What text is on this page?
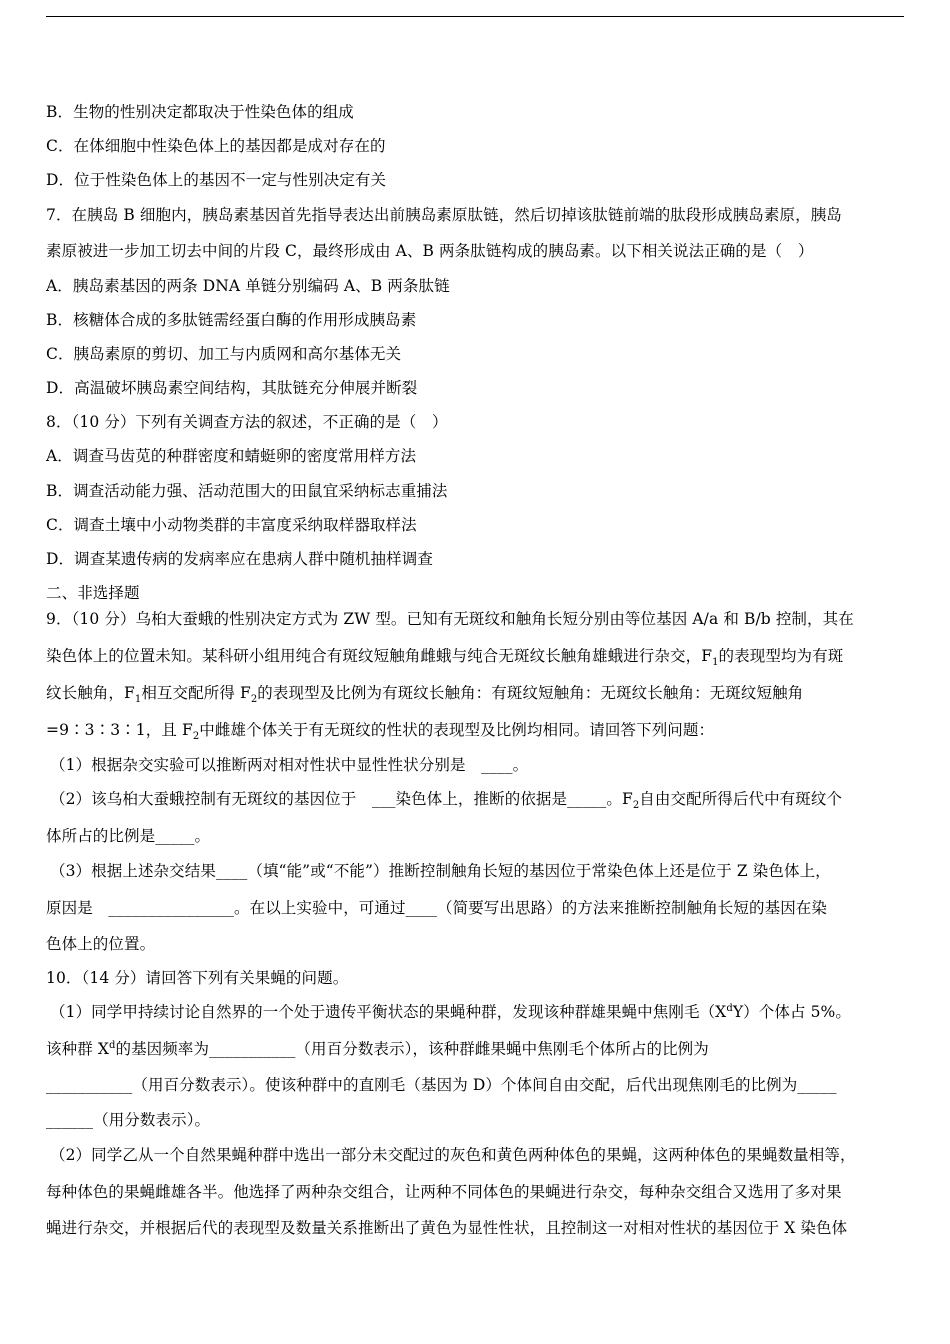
B．生物的性别决定都取决于性染色体的组成
C．在体细胞中性染色体上的基因都是成对存在的
D．位于性染色体上的基因不一定与性别决定有关
7．在胰岛 B 细胞内，胰岛素基因首先指导表达出前胰岛素原肽链，然后切掉该肽链前端的肽段形成胰岛素原，胰岛
素原被进一步加工切去中间的片段 C，最终形成由 A、B 两条肽链构成的胰岛素。以下相关说法正确的是（　）
A．胰岛素基因的两条 DNA 单链分别编码 A、B 两条肽链
B．核糖体合成的多肽链需经蛋白酶的作用形成胰岛素
C．胰岛素原的剪切、加工与内质网和高尔基体无关
D．高温破坏胰岛素空间结构，其肽链充分伸展并断裂
8．（10 分）下列有关调查方法的叙述，不正确的是（　）
A．调查马齿苋的种群密度和蜻蜓卵的密度常用样方法
B．调查活动能力强、活动范围大的田鼠宜采纳标志重捕法
C．调查土壤中小动物类群的丰富度采纳取样器取样法
D．调查某遗传病的发病率应在患病人群中随机抽样调查
二、非选择题
9．（10 分）乌桕大蚕蛾的性别决定方式为 ZW 型。已知有无斑纹和触角长短分别由等位基因 A/a 和 B/b 控制，其在
染色体上的位置未知。某科研小组用纯合有斑纹短触角雌蛾与纯合无斑纹长触角雄蛾进行杂交，$F_1$的表现型均为有斑
纹长触角，$F_1$相互交配所得 $F_2$的表现型及比例为有斑纹长触角：有斑纹短触角：无斑纹长触角：无斑纹短触角
=9∶3∶3∶1，且 $F_2$中雌雄个体关于有无斑纹的性状的表现型及比例均相同。请回答下列问题：
（1）根据杂交实验可以推断两对相对性状中显性性状分别是　____。
（2）该乌桕大蚕蛾控制有无斑纹的基因位于　___染色体上，推断的依据是_____。$F_2$自由交配所得后代中有斑纹个
体所占的比例是_____。
（3）根据上述杂交结果____（填“能”或“不能”）推断控制触角长短的基因位于常染色体上还是位于 Z 染色体上，
原因是　________________。在以上实验中，可通过____（简要写出思路）的方法来推断控制触角长短的基因在染
色体上的位置。
10．（14 分）请回答下列有关果蝇的问题。
（1）同学甲持续讨论自然界的一个处于遗传平衡状态的果蝇种群，发现该种群雄果蝇中焦刚毛$(X^dY)$个体占 5%。
该种群 $X^d$的基因频率为___________（用百分数表示），该种群雌果蝇中焦刚毛个体所占的比例为
___________（用百分数表示）。使该种群中的直刚毛（基因为 D）个体间自由交配，后代出现焦刚毛的比例为_____
______（用分数表示）。
（2）同学乙从一个自然果蝇种群中选出一部分未交配过的灰色和黄色两种体色的果蝇，这两种体色的果蝇数量相等，
每种体色的果蝇雌雄各半。他选择了两种杂交组合，让两种不同体色的果蝇进行杂交，每种杂交组合又选用了多对果
蝇进行杂交，并根据后代的表现型及数量关系推断出了黄色为显性性状，且控制这一对相对性状的基因位于 X 染色体
